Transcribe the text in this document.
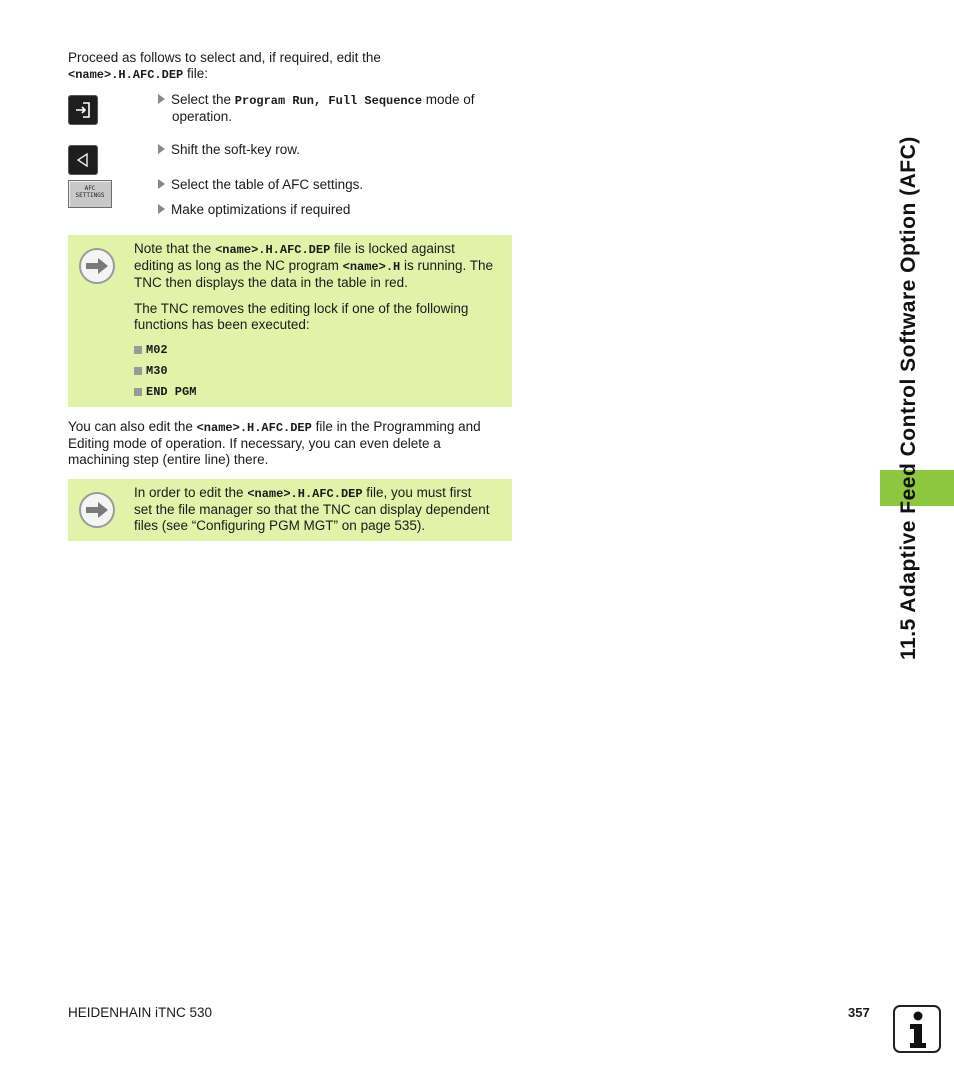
Proceed as follows to select and, if required, edit the

<name>.H.AFC.DEP file:

AFC
SETTINGS
Select the Program Run, Full Sequence mode of
operation.
Shift the soft-key row.
Select the table of AFC settings.
Make optimizations if required

Note that the <name>.H.AFC.DEP file is locked against

editing as long as the NC program <name>.H is running. The

TNC then displays the data in the table in red.

The TNC removes the editing lock if one of the following

functions has been executed:

M02
M30
END PGM

You can also edit the <name>.H.AFC.DEP file in the Programming and

Editing mode of operation. If necessary, you can even delete a

machining step (entire line) there.

In order to edit the <name>.H.AFC.DEP file, you must first

set the file manager so that the TNC can display dependent

files (see “Configuring PGM MGT” on page 535).	11.5 Adaptive Feed Control Software Option (AFC)
HEIDENHAIN iTNC 530	357
